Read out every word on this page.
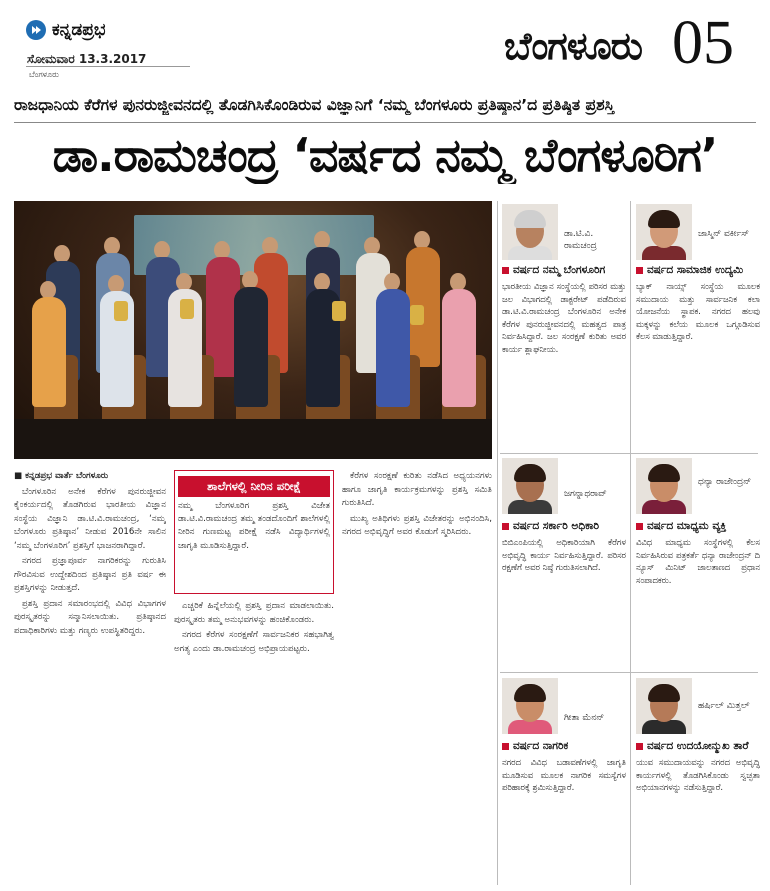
ಕನ್ನಡಪ್ರಭ
ಸೋಮವಾರ 13.3.2017
ಬೆಂಗಳೂರು
ಬೆಂಗಳೂರು 05
ರಾಜಧಾನಿಯ ಕೆರೆಗಳ ಪುನರುಜ್ಜೀವನದಲ್ಲಿ ತೊಡಗಿಸಿಕೊಂಡಿರುವ ವಿಜ್ಞಾನಿಗೆ ‘ನಮ್ಮ ಬೆಂಗಳೂರು ಪ್ರತಿಷ್ಠಾನ’ದ ಪ್ರತಿಷ್ಠಿತ ಪ್ರಶಸ್ತಿ
ಡಾ.ರಾಮಚಂದ್ರ ‘ವರ್ಷದ ನಮ್ಮ ಬೆಂಗಳೂರಿಗ’

■ ಕನ್ನಡಪ್ರಭ ವಾರ್ತೆ ಬೆಂಗಳೂರು

ಬೆಂಗಳೂರಿನ ಅನೇಕ ಕೆರೆಗಳ ಪುನರುಜ್ಜೀವನ ಕೈಂಕರ್ಯದಲ್ಲಿ ತೊಡಗಿರುವ ಭಾರತೀಯ ವಿಜ್ಞಾನ ಸಂಸ್ಥೆಯ ವಿಜ್ಞಾನಿ ಡಾ.ಟಿ.ವಿ.ರಾಮಚಂದ್ರ, ‘ನಮ್ಮ ಬೆಂಗಳೂರು ಪ್ರತಿಷ್ಠಾನ’ ನೀಡುವ 2016ನೇ ಸಾಲಿನ ‘ನಮ್ಮ ಬೆಂಗಳೂರಿಗ’ ಪ್ರಶಸ್ತಿಗೆ ಭಾಜನರಾಗಿದ್ದಾರೆ.

ನಗರದ ಪ್ರಜ್ಞಾಪೂರ್ವ ನಾಗರಿಕರನ್ನು ಗುರುತಿಸಿ ಗೌರವಿಸುವ ಉದ್ದೇಶದಿಂದ ಪ್ರತಿಷ್ಠಾನ ಪ್ರತಿ ವರ್ಷ ಈ ಪ್ರಶಸ್ತಿಗಳನ್ನು ನೀಡುತ್ತದೆ.

ಪ್ರಶಸ್ತಿ ಪ್ರದಾನ ಸಮಾರಂಭದಲ್ಲಿ ವಿವಿಧ ವಿಭಾಗಗಳ ಪುರಸ್ಕೃತರನ್ನು ಸನ್ಮಾನಿಸಲಾಯಿತು. ಪ್ರತಿಷ್ಠಾನದ ಪದಾಧಿಕಾರಿಗಳು ಮತ್ತು ಗಣ್ಯರು ಉಪಸ್ಥಿತರಿದ್ದರು.

ಶಾಲೆಗಳಲ್ಲಿ ನೀರಿನ ಪರೀಕ್ಷೆ
ನಮ್ಮ ಬೆಂಗಳೂರಿಗ ಪ್ರಶಸ್ತಿ ವಿಜೇತ ಡಾ.ಟಿ.ವಿ.ರಾಮಚಂದ್ರ ತಮ್ಮ ತಂಡದೊಂದಿಗೆ ಶಾಲೆಗಳಲ್ಲಿ ನೀರಿನ ಗುಣಮಟ್ಟ ಪರೀಕ್ಷೆ ನಡೆಸಿ ವಿದ್ಯಾರ್ಥಿಗಳಲ್ಲಿ ಜಾಗೃತಿ ಮೂಡಿಸುತ್ತಿದ್ದಾರೆ.

ಎಚ್ಚರಿಕೆ ಹಿನ್ನೆಲೆಯಲ್ಲಿ ಪ್ರಶಸ್ತಿ ಪ್ರದಾನ ಮಾಡಲಾಯಿತು. ಪುರಸ್ಕೃತರು ತಮ್ಮ ಅನುಭವಗಳನ್ನು ಹಂಚಿಕೊಂಡರು.

ನಗರದ ಕೆರೆಗಳ ಸಂರಕ್ಷಣೆಗೆ ಸಾರ್ವಜನಿಕರ ಸಹಭಾಗಿತ್ವ ಅಗತ್ಯ ಎಂದು ಡಾ.ರಾಮಚಂದ್ರ ಅಭಿಪ್ರಾಯಪಟ್ಟರು.

ಕೆರೆಗಳ ಸಂರಕ್ಷಣೆ ಕುರಿತು ನಡೆಸಿದ ಅಧ್ಯಯನಗಳು ಹಾಗೂ ಜಾಗೃತಿ ಕಾರ್ಯಕ್ರಮಗಳನ್ನು ಪ್ರಶಸ್ತಿ ಸಮಿತಿ ಗುರುತಿಸಿದೆ.

ಮುಖ್ಯ ಅತಿಥಿಗಳು ಪ್ರಶಸ್ತಿ ವಿಜೇತರನ್ನು ಅಭಿನಂದಿಸಿ, ನಗರದ ಅಭಿವೃದ್ಧಿಗೆ ಅವರ ಕೊಡುಗೆ ಸ್ಮರಿಸಿದರು.

ಡಾ.ಟಿ.ವಿ. ರಾಮಚಂದ್ರ
ವರ್ಷದ ನಮ್ಮ ಬೆಂಗಳೂರಿಗ
ಭಾರತೀಯ ವಿಜ್ಞಾನ ಸಂಸ್ಥೆಯಲ್ಲಿ ಪರಿಸರ ಮತ್ತು ಜಲ ವಿಭಾಗದಲ್ಲಿ ಡಾಕ್ಟರೇಟ್ ಪಡೆದಿರುವ ಡಾ.ಟಿ.ವಿ.ರಾಮಚಂದ್ರ ಬೆಂಗಳೂರಿನ ಅನೇಕ ಕೆರೆಗಳ ಪುನರುಜ್ಜೀವನದಲ್ಲಿ ಮಹತ್ವದ ಪಾತ್ರ ನಿರ್ವಹಿಸಿದ್ದಾರೆ. ಜಲ ಸಂರಕ್ಷಣೆ ಕುರಿತು ಅವರ ಕಾರ್ಯ ಶ್ಲಾಘನೀಯ.
ಜಾಸ್ಮಿನ್ ವರ್ಕೀಸ್
ವರ್ಷದ ಸಾಮಾಜಿಕ ಉದ್ಯಮಿ
ಬ್ಯಾಕ್ ನಾಯ್ಸ್ ಸಂಸ್ಥೆಯ ಮೂಲಕ ಸಮುದಾಯ ಮತ್ತು ಸಾರ್ವಜನಿಕ ಕಲಾ ಯೋಜನೆಯ ಸ್ಥಾಪಕ. ನಗರದ ಹಲವು ಮಕ್ಕಳನ್ನು ಕಲೆಯ ಮೂಲಕ ಒಗ್ಗೂಡಿಸುವ ಕೆಲಸ ಮಾಡುತ್ತಿದ್ದಾರೆ.
ಜಗನ್ನಾಥರಾವ್
ವರ್ಷದ ಸರ್ಕಾರಿ ಅಧಿಕಾರಿ
ಬಿಬಿಎಂಪಿಯಲ್ಲಿ ಅಧಿಕಾರಿಯಾಗಿ ಕೆರೆಗಳ ಅಭಿವೃದ್ಧಿ ಕಾರ್ಯ ನಿರ್ವಹಿಸುತ್ತಿದ್ದಾರೆ. ಪರಿಸರ ರಕ್ಷಣೆಗೆ ಅವರ ನಿಷ್ಠೆ ಗುರುತಿಸಲಾಗಿದೆ.
ಧನ್ಯಾ ರಾಜೇಂದ್ರನ್
ವರ್ಷದ ಮಾಧ್ಯಮ ವ್ಯಕ್ತಿ
ವಿವಿಧ ಮಾಧ್ಯಮ ಸಂಸ್ಥೆಗಳಲ್ಲಿ ಕೆಲಸ ನಿರ್ವಹಿಸಿರುವ ಪತ್ರಕರ್ತೆ ಧನ್ಯಾ ರಾಜೇಂದ್ರನ್ ದಿ ನ್ಯೂಸ್ ಮಿನಿಟ್ ಜಾಲತಾಣದ ಪ್ರಧಾನ ಸಂಪಾದಕರು.
ಗೀತಾ ಮೆನನ್
ವರ್ಷದ ನಾಗರಿಕ
ನಗರದ ವಿವಿಧ ಬಡಾವಣೆಗಳಲ್ಲಿ ಜಾಗೃತಿ ಮೂಡಿಸುವ ಮೂಲಕ ನಾಗರಿಕ ಸಮಸ್ಯೆಗಳ ಪರಿಹಾರಕ್ಕೆ ಶ್ರಮಿಸುತ್ತಿದ್ದಾರೆ.
ಹರ್ಷಿಲ್ ಮಿತ್ತಲ್
ವರ್ಷದ ಉದಯೋನ್ಮುಖ ತಾರೆ
ಯುವ ಸಮುದಾಯವನ್ನು ನಗರದ ಅಭಿವೃದ್ಧಿ ಕಾರ್ಯಗಳಲ್ಲಿ ತೊಡಗಿಸಿಕೊಂಡು ಸ್ವಚ್ಛತಾ ಅಭಿಯಾನಗಳನ್ನು ನಡೆಸುತ್ತಿದ್ದಾರೆ.
